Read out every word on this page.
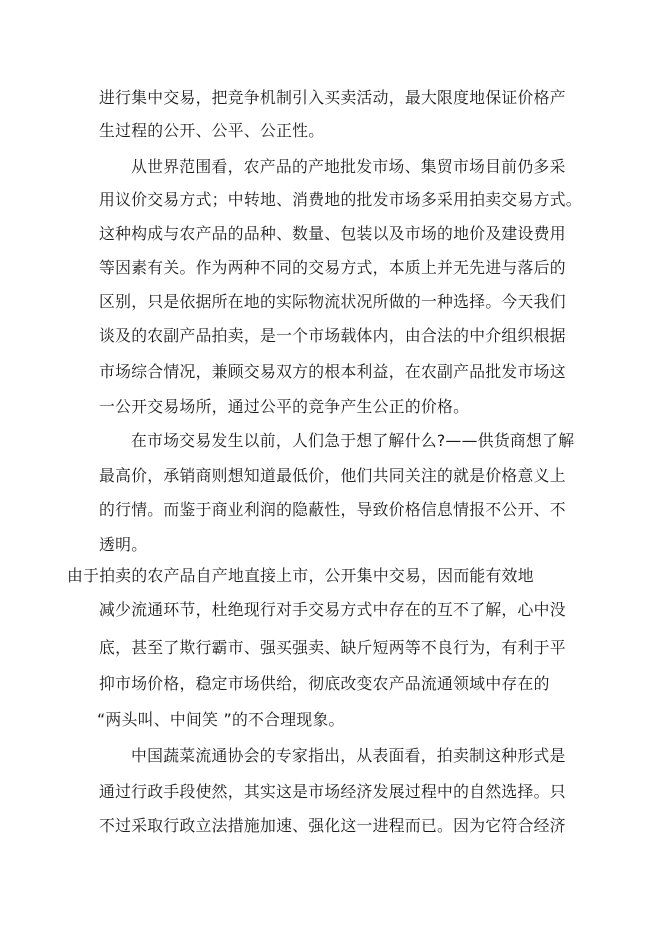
进行集中交易，把竞争机制引入买卖活动，最大限度地保证价格产
生过程的公开、公平、公正性。
从世界范围看，农产品的产地批发市场、集贸市场目前仍多采
用议价交易方式；中转地、消费地的批发市场多采用拍卖交易方式。
这种构成与农产品的品种、数量、包装以及市场的地价及建设费用
等因素有关。作为两种不同的交易方式，本质上并无先进与落后的
区别，只是依据所在地的实际物流状况所做的一种选择。今天我们
谈及的农副产品拍卖，是一个市场载体内，由合法的中介组织根据
市场综合情况，兼顾交易双方的根本利益，在农副产品批发市场这
一公开交易场所，通过公平的竞争产生公正的价格。
在市场交易发生以前，人们急于想了解什么?——供货商想了解
最高价，承销商则想知道最低价，他们共同关注的就是价格意义上
的行情。而鉴于商业利润的隐蔽性，导致价格信息情报不公开、不
透明。
由于拍卖的农产品自产地直接上市，公开集中交易，因而能有效地
减少流通环节，杜绝现行对手交易方式中存在的互不了解，心中没
底，甚至了欺行霸市、强买强卖、缺斤短两等不良行为，有利于平
抑市场价格，稳定市场供给，彻底改变农产品流通领域中存在的
“两头叫、中间笑 ”的不合理现象。
中国蔬菜流通协会的专家指出，从表面看，拍卖制这种形式是
通过行政手段使然，其实这是市场经济发展过程中的自然选择。只
不过采取行政立法措施加速、强化这一进程而已。因为它符合经济
